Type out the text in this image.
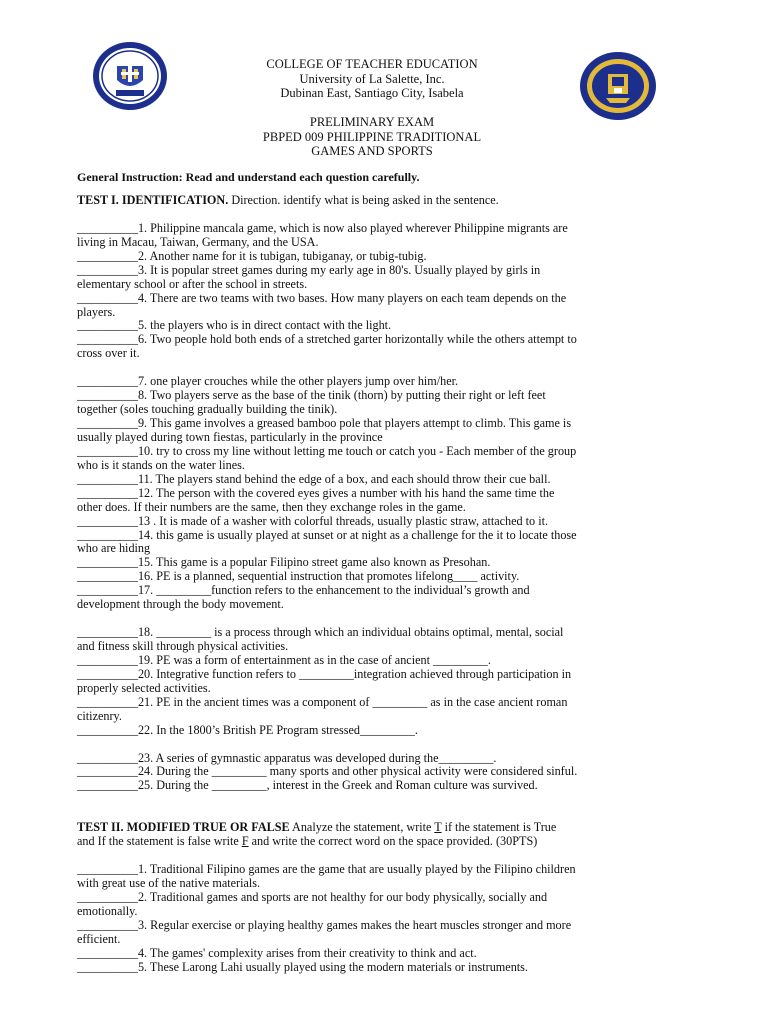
COLLEGE OF TEACHER EDUCATION
University of La Salette, Inc.
Dubinan East, Santiago City, Isabela
PRELIMINARY EXAM
PBPED 009 PHILIPPINE TRADITIONAL
GAMES AND SPORTS
General Instruction: Read and understand each question carefully.
TEST I. IDENTIFICATION. Direction. identify what is being asked in the sentence.
__________1. Philippine mancala game, which is now also played wherever Philippine migrants are
living in Macau, Taiwan, Germany, and the USA.
__________2. Another name for it is tubigan, tubiganay, or tubig-tubig.
__________3. It is popular street games during my early age in 80's. Usually played by girls in
elementary school or after the school in streets.
__________4. There are two teams with two bases. How many players on each team depends on the
players.
__________5. the players who is in direct contact with the light.
__________6. Two people hold both ends of a stretched garter horizontally while the others attempt to
cross over it.
__________7. one player crouches while the other players jump over him/her.
__________8. Two players serve as the base of the tinik (thorn) by putting their right or left feet
together (soles touching gradually building the tinik).
__________9. This game involves a greased bamboo pole that players attempt to climb. This game is
usually played during town fiestas, particularly in the province
__________10. try to cross my line without letting me touch or catch you - Each member of the group
who is it stands on the water lines.
__________11. The players stand behind the edge of a box, and each should throw their cue ball.
__________12. The person with the covered eyes gives a number with his hand the same time the
other does. If their numbers are the same, then they exchange roles in the game.
__________13 . It is made of a washer with colorful threads, usually plastic straw, attached to it.
__________14. this game is usually played at sunset or at night as a challenge for the it to locate those
who are hiding
__________15. This game is a popular Filipino street game also known as Presohan.
__________16. PE is a planned, sequential instruction that promotes lifelong____ activity.
__________17. _________function refers to the enhancement to the individual’s growth and
development through the body movement.
__________18. _________ is a process through which an individual obtains optimal, mental, social
and fitness skill through physical activities.
__________19. PE was a form of entertainment as in the case of ancient _________.
__________20. Integrative function refers to _________integration achieved through participation in
properly selected activities.
__________21. PE in the ancient times was a component of _________ as in the case ancient roman
citizenry.
__________22. In the 1800’s British PE Program stressed_________.
__________23. A series of gymnastic apparatus was developed during the_________.
__________24. During the _________ many sports and other physical activity were considered sinful.
__________25. During the _________, interest in the Greek and Roman culture was survived.
TEST II. MODIFIED TRUE OR FALSE Analyze the statement, write T if the statement is True
and If the statement is false write F and write the correct word on the space provided. (30PTS)
__________1. Traditional Filipino games are the game that are usually played by the Filipino children
with great use of the native materials.
__________2. Traditional games and sports are not healthy for our body physically, socially and
emotionally.
__________3. Regular exercise or playing healthy games makes the heart muscles stronger and more
efficient.
__________4. The games' complexity arises from their creativity to think and act.
__________5. These Larong Lahi usually played using the modern materials or instruments.
